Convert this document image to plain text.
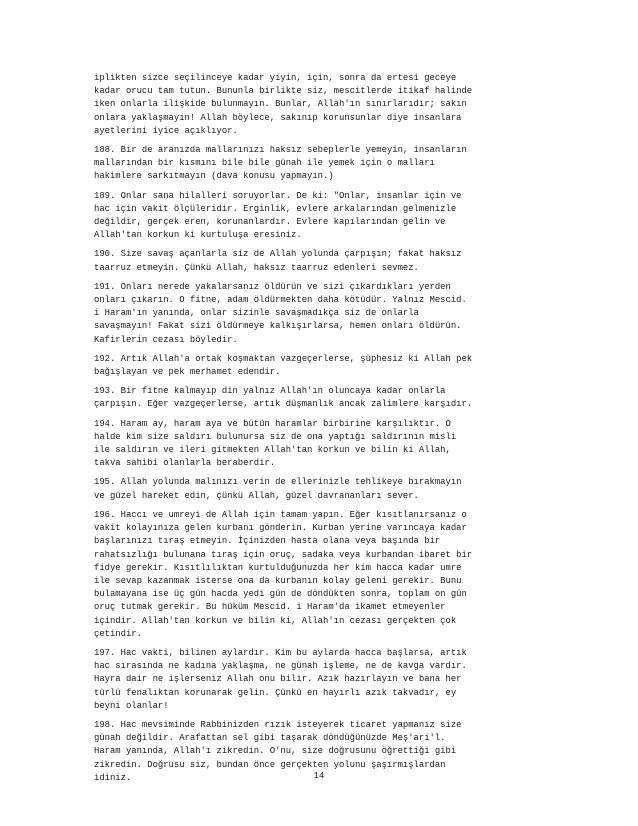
iplikten sizce seçilinceye kadar yiyin, için, sonra da ertesi geceye
kadar orucu tam tutun. Bununla birlikte siz, mescitlerde itikaf halinde
iken onlarla ilişkide bulunmayın. Bunlar, Allah'ın sınırlarıdır; sakın
onlara yaklaşmayın! Allah böylece, sakınıp korunsunlar diye insanlara
ayetlerini iyice açıklıyor.

188. Bir de aranızda mallarınızı haksız sebeplerle yemeyin, insanların
mallarından bir kısmını bile bile günah ile yemek için o malları
hakimlere sarkıtmayın (dava konusu yapmayın.)

189. Onlar sana hilalleri soruyorlar. De ki: "Onlar, insanlar için ve
hac için vakit ölçüleridir. Erginlik, evlere arkalarından gelmenizle
değildir, gerçek eren, korunanlardır. Evlere kapılarından gelin ve
Allah'tan korkun ki kurtuluşa eresiniz.

190. Size savaş açanlarla siz de Allah yolunda çarpışın; fakat haksız
taarruz etmeyin. Çünkü Allah, haksız taarruz edenleri sevmez.

191. Onları nerede yakalarsanız öldürün ve sizi çıkardıkları yerden
onları çıkarın. O fitne, adam öldürmekten daha kötüdür. Yalnız Mescid.
i Haram'ın yanında, onlar sizinle savaşmadıkça siz de onlarla
savaşmayın! Fakat sizi öldürmeye kalkışırlarsa, hemen onları öldürün.
Kafirlerin cezası böyledir.

192. Artık Allah'a ortak koşmaktan vazgeçerlerse, şüphesiz ki Allah pek
bağışlayan ve pek merhamet edendir.

193. Bir fitne kalmayıp din yalnız Allah'ın oluncaya kadar onlarla
çarpışın. Eğer vazgeçerlerse, artık düşmanlık ancak zalimlere karşıdır.

194. Haram ay, haram aya ve bütün haramlar birbirine karşılıktır. O
halde kim size saldırı bulunursa siz de ona yaptığı saldırının misli
ile saldırın ve ileri gitmekten Allah'tan korkun ve bilin ki Allah,
takva sahibi olanlarla beraberdir.

195. Allah yolunda malınızı verin de ellerinizle tehlikeye bırakmayın
ve güzel hareket edin, çünkü Allah, güzel davrananları sever.

196. Haccı ve umreyi de Allah için tamam yapın. Eğer kısıtlanırsanız o
vakit kolayınıza gelen kurbanı gönderin. Kurban yerine varıncaya kadar
başlarınızı tıraş etmeyin. İçinizden hasta olana veya başında bir
rahatsızlığı bulunana tıraş için oruç, sadaka veya kurbandan ibaret bir
fidye gerekir. Kısıtlılıktan kurtulduğunuzda her kim hacca kadar umre
ile sevap kazanmak isterse ona da kurbanın kolay geleni gerekir. Bunu
bulamayana ise üç gün hacda yedi gün de döndükten sonra, toplam on gün
oruç tutmak gerekir. Bu hüküm Mescid. i Haram'da ikamet etmeyenler
içindir. Allah'tan korkun ve bilin ki, Allah'ın cezası gerçekten çok
çetindir.

197. Hac vakti, bilinen aylardır. Kim bu aylarda hacca başlarsa, artık
hac sırasında ne kadına yaklaşma, ne günah işleme, ne de kavga vardır.
Hayra dair ne işlerseniz Allah onu bilir. Azık hazırlayın ve bana her
türlü fenalıktan korunarak gelin. Çünkü en hayırlı azık takvadır, ey
beyni olanlar!

198. Hac mevsiminde Rabbinizden rızık isteyerek ticaret yapmanız size
günah değildir. Arafattan sel gibi taşarak döndüğünüzde Meş'ari'l.
Haram yanında, Allah'ı zikredin. O'nu, size doğrusunu öğrettiği gibi
zikredin. Doğrusu siz, bundan önce gerçekten yolunu şaşırmışlardan
idiniz.	14
